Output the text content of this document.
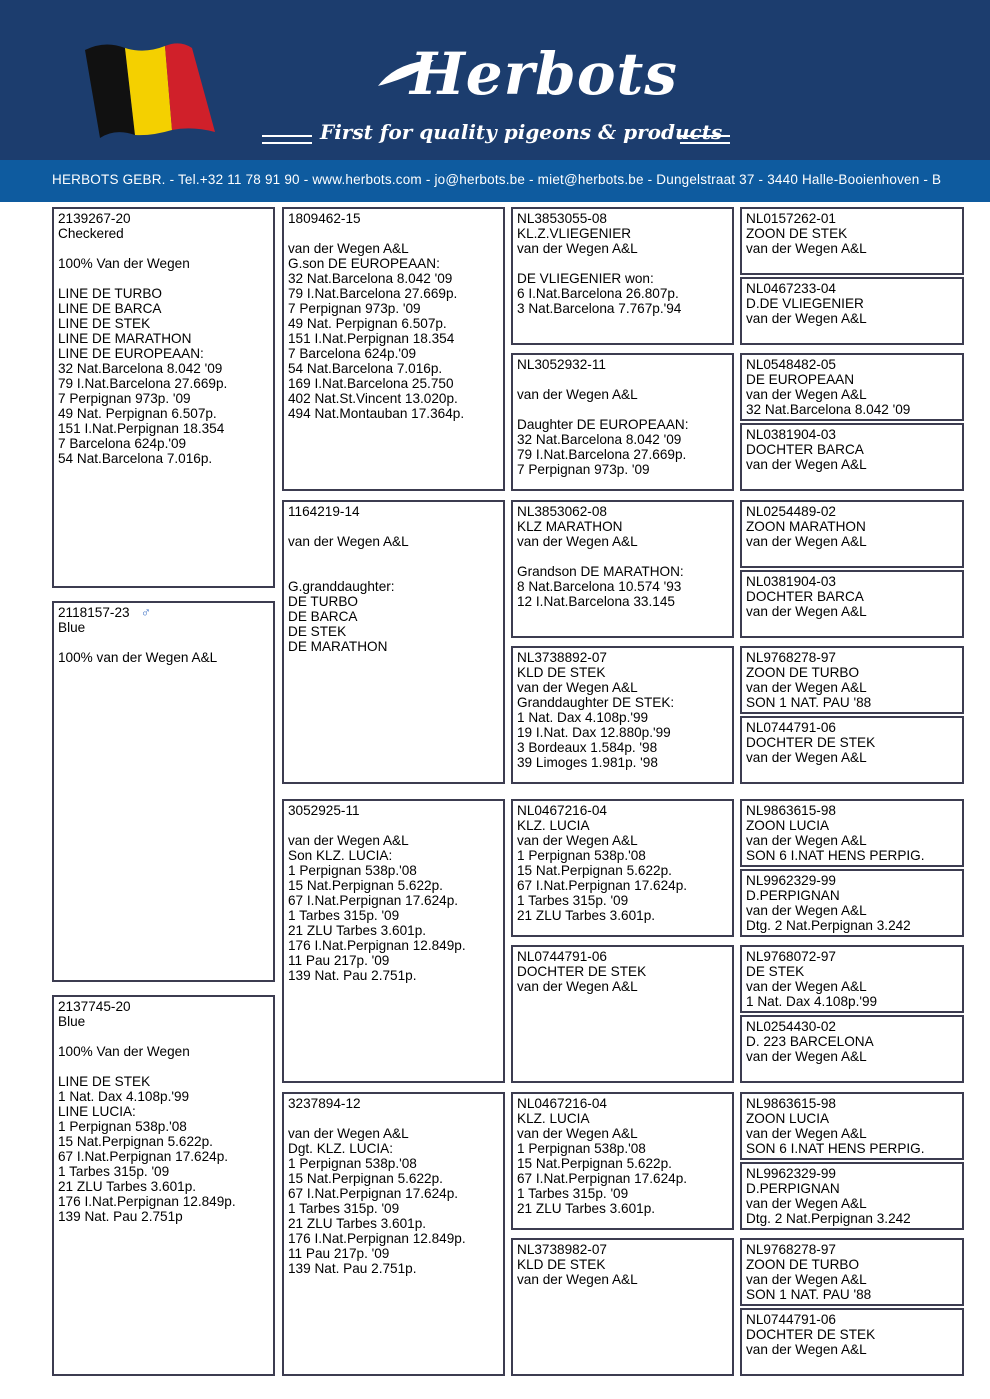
Herbots
First for quality pigeons & products
HERBOTS GEBR. - Tel.+32 11 78 91 90 - www.herbots.com - jo@herbots.be - miet@herbots.be - Dungelstraat 37 - 3440 Halle-Booienhoven - B
2139267-20
Checkered
100% Van der Wegen
LINE DE TURBO
LINE DE BARCA
LINE DE STEK
LINE DE MARATHON
LINE DE EUROPEAAN:
32 Nat.Barcelona 8.042 '09
79 I.Nat.Barcelona 27.669p.
7 Perpignan 973p. '09
49 Nat. Perpignan 6.507p.
151 I.Nat.Perpignan 18.354
7 Barcelona 624p.'09
54 Nat.Barcelona 7.016p.
2118157-23 ♂
Blue
100% van der Wegen A&L
2137745-20
Blue
100% Van der Wegen
LINE DE STEK
1 Nat. Dax 4.108p.'99
LINE LUCIA:
1 Perpignan 538p.'08
15 Nat.Perpignan 5.622p.
67 I.Nat.Perpignan 17.624p.
1 Tarbes 315p. '09
21 ZLU Tarbes 3.601p.
176 I.Nat.Perpignan 12.849p.
139 Nat. Pau 2.751p
1809462-15
van der Wegen A&L
G.son DE EUROPEAAN:
32 Nat.Barcelona 8.042 '09
79 I.Nat.Barcelona 27.669p.
7 Perpignan 973p. '09
49 Nat. Perpignan 6.507p.
151 I.Nat.Perpignan 18.354
7 Barcelona 624p.'09
54 Nat.Barcelona 7.016p.
169 I.Nat.Barcelona 25.750
402 Nat.St.Vincent 13.020p.
494 Nat.Montauban 17.364p.
1164219-14
van der Wegen A&L
G.granddaughter:
DE TURBO
DE BARCA
DE STEK
DE MARATHON
3052925-11
van der Wegen A&L
Son KLZ. LUCIA:
1 Perpignan 538p.'08
15 Nat.Perpignan 5.622p.
67 I.Nat.Perpignan 17.624p.
1 Tarbes 315p. '09
21 ZLU Tarbes 3.601p.
176 I.Nat.Perpignan 12.849p.
11 Pau 217p. '09
139 Nat. Pau 2.751p.
3237894-12
van der Wegen A&L
Dgt. KLZ. LUCIA:
1 Perpignan 538p.'08
15 Nat.Perpignan 5.622p.
67 I.Nat.Perpignan 17.624p.
1 Tarbes 315p. '09
21 ZLU Tarbes 3.601p.
176 I.Nat.Perpignan 12.849p.
11 Pau 217p. '09
139 Nat. Pau 2.751p.
NL3853055-08
KL.Z.VLIEGENIER
van der Wegen A&L
DE VLIEGENIER won:
6 I.Nat.Barcelona 26.807p.
3 Nat.Barcelona 7.767p.'94
NL3052932-11
van der Wegen A&L
Daughter DE EUROPEAAN:
32 Nat.Barcelona 8.042 '09
79 I.Nat.Barcelona 27.669p.
7 Perpignan 973p. '09
NL3853062-08
KLZ MARATHON
van der Wegen A&L
Grandson DE MARATHON:
8 Nat.Barcelona 10.574 '93
12 I.Nat.Barcelona 33.145
NL3738892-07
KLD DE STEK
van der Wegen A&L
Granddaughter DE STEK:
1 Nat. Dax 4.108p.'99
19 I.Nat. Dax 12.880p.'99
3 Bordeaux 1.584p. '98
39 Limoges 1.981p. '98
NL0467216-04
KLZ. LUCIA
van der Wegen A&L
1 Perpignan 538p.'08
15 Nat.Perpignan 5.622p.
67 I.Nat.Perpignan 17.624p.
1 Tarbes 315p. '09
21 ZLU Tarbes 3.601p.
NL0744791-06
DOCHTER DE STEK
van der Wegen A&L
NL0467216-04
KLZ. LUCIA
van der Wegen A&L
1 Perpignan 538p.'08
15 Nat.Perpignan 5.622p.
67 I.Nat.Perpignan 17.624p.
1 Tarbes 315p. '09
21 ZLU Tarbes 3.601p.
NL3738982-07
KLD DE STEK
van der Wegen A&L
NL0157262-01
ZOON DE STEK
van der Wegen A&L
NL0467233-04
D.DE VLIEGENIER
van der Wegen A&L
NL0548482-05
DE EUROPEAAN
van der Wegen A&L
32 Nat.Barcelona 8.042 '09
NL0381904-03
DOCHTER BARCA
van der Wegen A&L
NL0254489-02
ZOON MARATHON
van der Wegen A&L
NL0381904-03
DOCHTER BARCA
van der Wegen A&L
NL9768278-97
ZOON DE TURBO
van der Wegen A&L
SON 1 NAT. PAU '88
NL0744791-06
DOCHTER DE STEK
van der Wegen A&L
NL9863615-98
ZOON LUCIA
van der Wegen A&L
SON 6 I.NAT HENS PERPIG.
NL9962329-99
D.PERPIGNAN
van der Wegen A&L
Dtg. 2 Nat.Perpignan 3.242
NL9768072-97
DE STEK
van der Wegen A&L
1 Nat. Dax 4.108p.'99
NL0254430-02
D. 223 BARCELONA
van der Wegen A&L
NL9863615-98
ZOON LUCIA
van der Wegen A&L
SON 6 I.NAT HENS PERPIG.
NL9962329-99
D.PERPIGNAN
van der Wegen A&L
Dtg. 2 Nat.Perpignan 3.242
NL9768278-97
ZOON DE TURBO
van der Wegen A&L
SON 1 NAT. PAU '88
NL0744791-06
DOCHTER DE STEK
van der Wegen A&L
